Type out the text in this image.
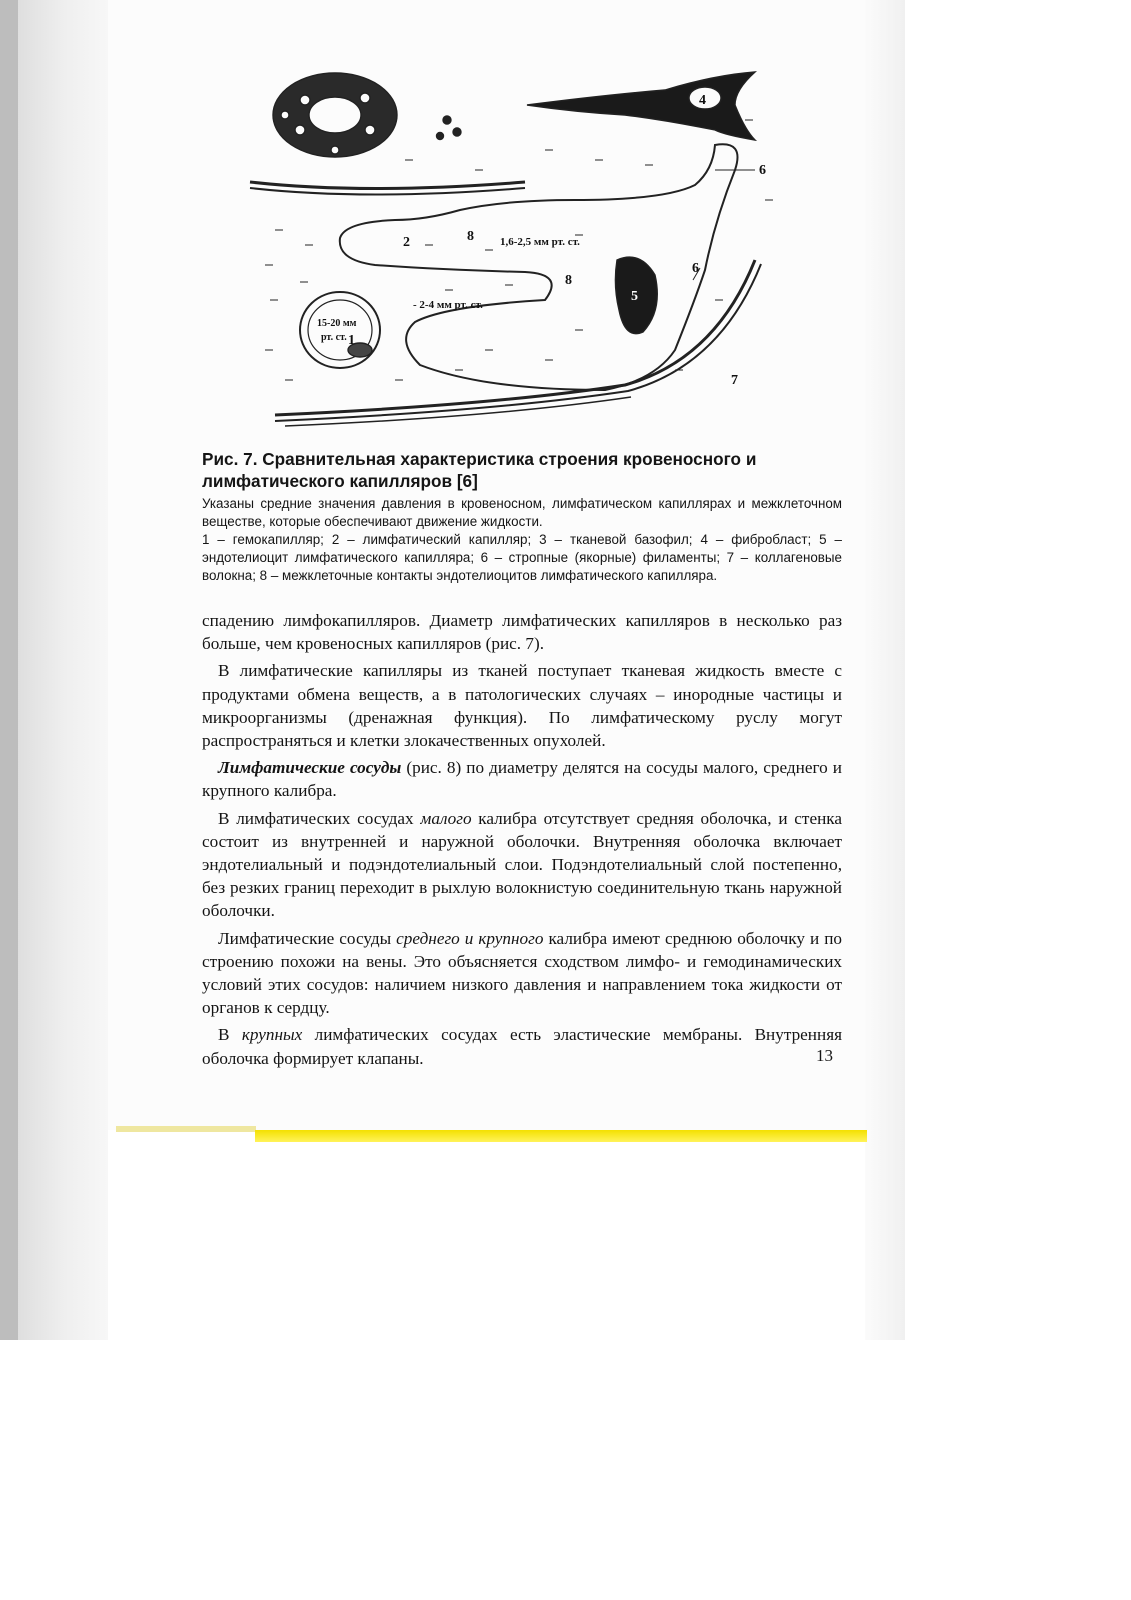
1
2
3
4
5
6
6
7
8
8
1,6-2,5 мм рт. ст.
- 2-4 мм рт. ст.
15-20 мм
рт. ст.

Рис. 7. Сравнительная характеристика строения кровеносного и лимфатического капилляров [6]

Указаны средние значения давления в кровеносном, лимфатическом капиллярах и межклеточном веществе, которые обеспечивают движение жидкости.

1 – гемокапилляр; 2 – лимфатический капилляр; 3 – тканевой базофил; 4 – фибробласт; 5 – эндотелиоцит лимфатического капилляра; 6 – стропные (якорные) филаменты; 7 – коллагеновые волокна; 8 – межклеточные контакты эндотелиоцитов лимфатического капилляра.

спадению лимфокапилляров. Диаметр лимфатических капилляров в несколько раз больше, чем кровеносных капилляров (рис. 7).

В лимфатические капилляры из тканей поступает тканевая жидкость вместе с продуктами обмена веществ, а в патологических случаях – инородные частицы и микроорганизмы (дренажная функция). По лимфатическому руслу могут распространяться и клетки злокачественных опухолей.

Лимфатические сосуды (рис. 8) по диаметру делятся на сосуды малого, среднего и крупного калибра.

В лимфатических сосудах малого калибра отсутствует средняя оболочка, и стенка состоит из внутренней и наружной оболочки. Внутренняя оболочка включает эндотелиальный и подэндотелиальный слои. Подэндотелиальный слой постепенно, без резких границ переходит в рыхлую волокнистую соединительную ткань наружной оболочки.

Лимфатические сосуды среднего и крупного калибра имеют среднюю оболочку и по строению похожи на вены. Это объясняется сходством лимфо- и гемодинамических условий этих сосудов: наличием низкого давления и направлением тока жидкости от органов к сердцу.

В крупных лимфатических сосудах есть эластические мембраны. Внутренняя оболочка формирует клапаны.	13
